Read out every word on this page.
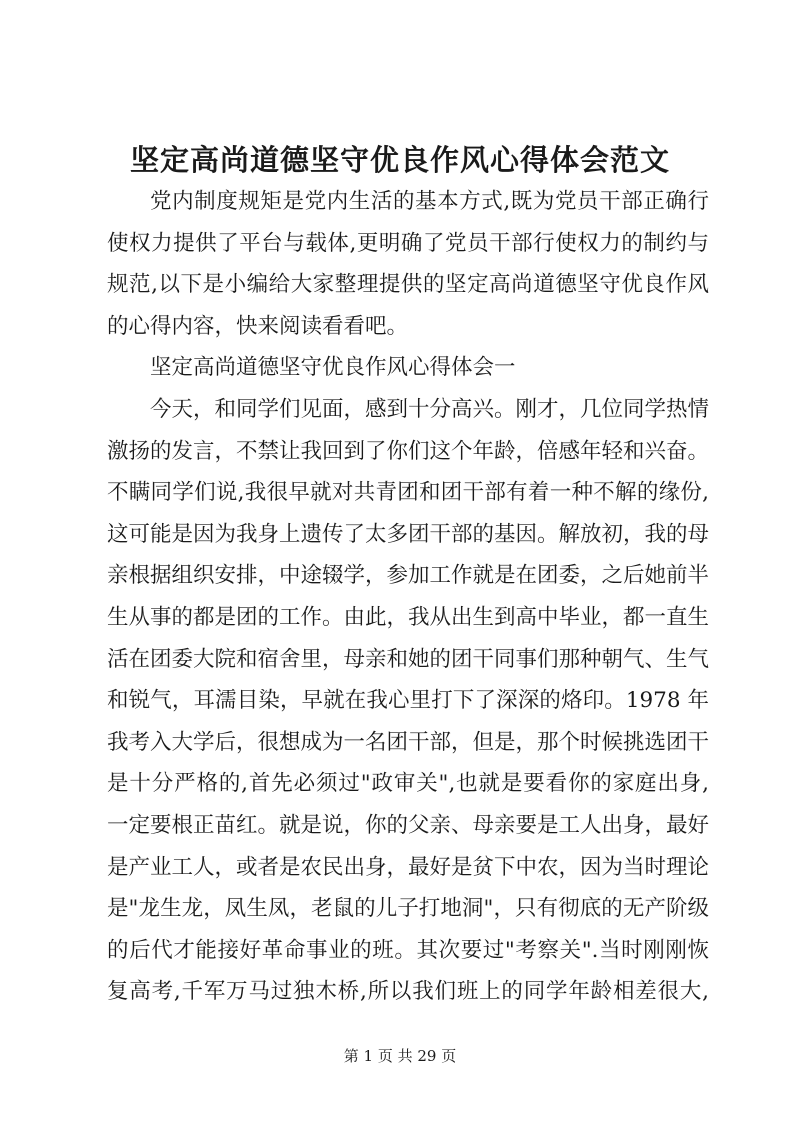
坚定高尚道德坚守优良作风心得体会范文
党内制度规矩是党内生活的基本方式,既为党员干部正确行
使权力提供了平台与载体,更明确了党员干部行使权力的制约与
规范,以下是小编给大家整理提供的坚定高尚道德坚守优良作风
的心得内容，快来阅读看看吧。
坚定高尚道德坚守优良作风心得体会一
今天，和同学们见面，感到十分高兴。刚才，几位同学热情
激扬的发言，不禁让我回到了你们这个年龄，倍感年轻和兴奋。
不瞒同学们说,我很早就对共青团和团干部有着一种不解的缘份,
这可能是因为我身上遗传了太多团干部的基因。解放初，我的母
亲根据组织安排，中途辍学，参加工作就是在团委，之后她前半
生从事的都是团的工作。由此，我从出生到高中毕业，都一直生
活在团委大院和宿舍里，母亲和她的团干同事们那种朝气、生气
和锐气，耳濡目染，早就在我心里打下了深深的烙印。1978 年
我考入大学后，很想成为一名团干部，但是，那个时候挑选团干
是十分严格的,首先必须过"政审关",也就是要看你的家庭出身,
一定要根正苗红。就是说，你的父亲、母亲要是工人出身，最好
是产业工人，或者是农民出身，最好是贫下中农，因为当时理论
是"龙生龙，凤生凤，老鼠的儿子打地洞"，只有彻底的无产阶级
的后代才能接好革命事业的班。其次要过"考察关".当时刚刚恢
复高考,千军万马过独木桥,所以我们班上的同学年龄相差很大,
第 1 页 共 29 页
